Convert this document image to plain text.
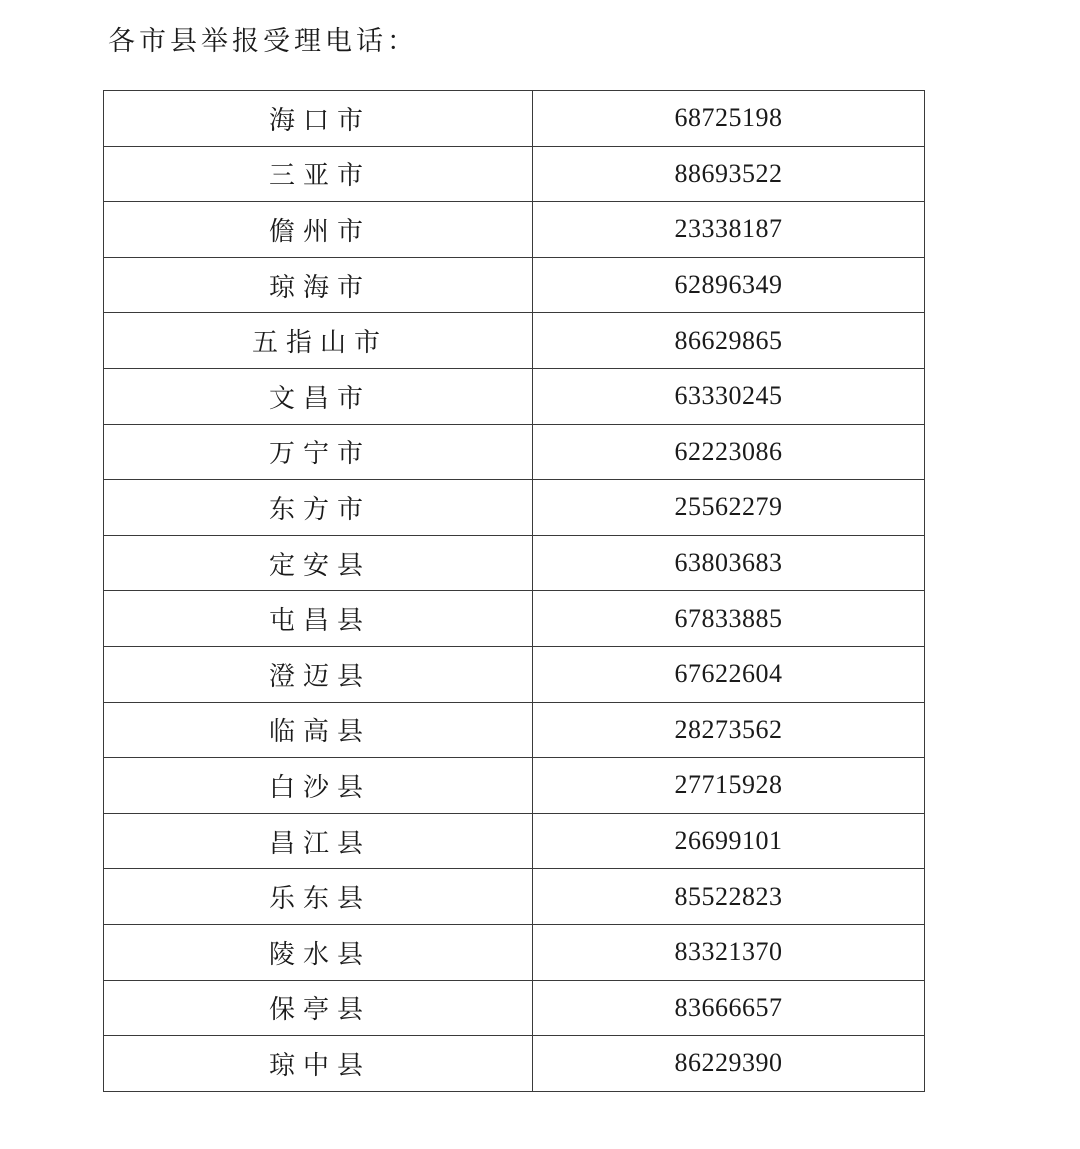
各市县举报受理电话：
海口市	68725198
三亚市	88693522
儋州市	23338187
琼海市	62896349
五指山市	86629865
文昌市	63330245
万宁市	62223086
东方市	25562279
定安县	63803683
屯昌县	67833885
澄迈县	67622604
临高县	28273562
白沙县	27715928
昌江县	26699101
乐东县	85522823
陵水县	83321370
保亭县	83666657
琼中县	86229390
